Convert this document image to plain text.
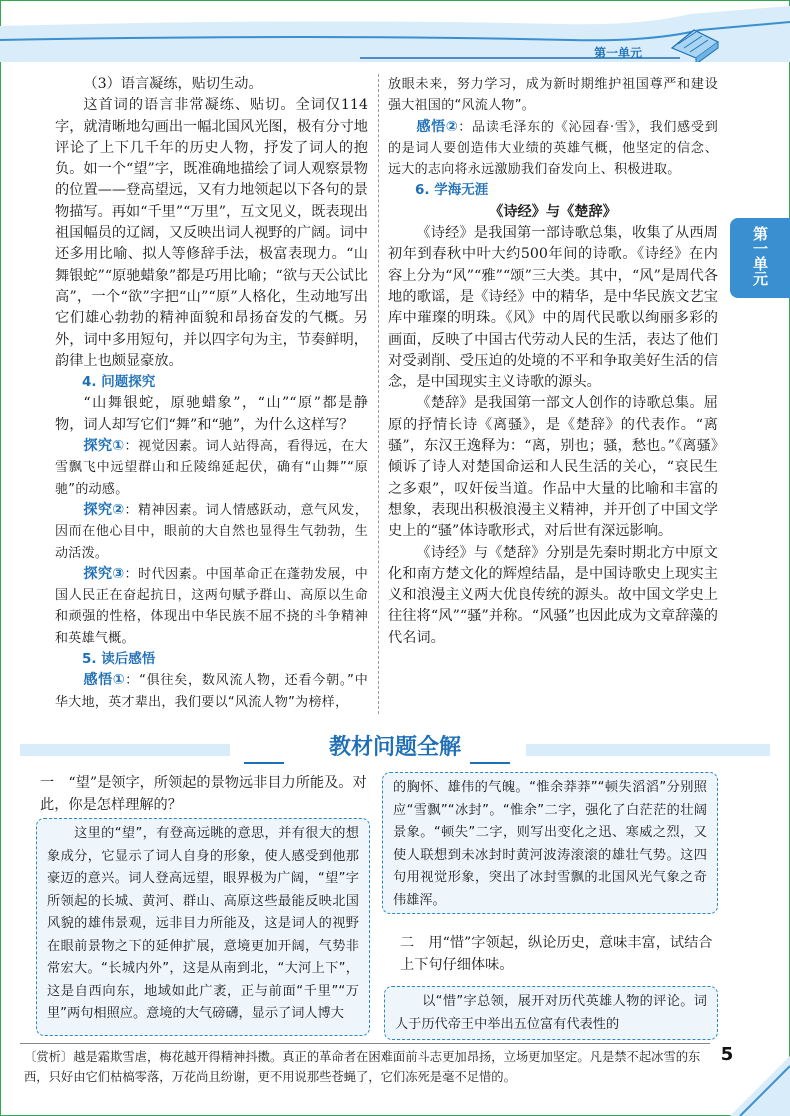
第一单元
第一单元

（3）语言凝练，贴切生动。

这首词的语言非常凝练、贴切。全词仅114字，就清晰地勾画出一幅北国风光图，极有分寸地评论了上下几千年的历史人物，抒发了词人的抱负。如一个“望”字，既准确地描绘了词人观察景物的位置——登高望远，又有力地领起以下各句的景物描写。再如“千里”“万里”，互文见义，既表现出祖国幅员的辽阔，又反映出词人视野的广阔。词中还多用比喻、拟人等修辞手法，极富表现力。“山舞银蛇”“原驰蜡象”都是巧用比喻；“欲与天公试比高”，一个“欲”字把“山”“原”人格化，生动地写出它们雄心勃勃的精神面貌和昂扬奋发的气概。另外，词中多用短句，并以四字句为主，节奏鲜明，韵律上也颇显豪放。

4. 问题探究

“山舞银蛇，原驰蜡象”，“山”“原”都是静物，词人却写它们“舞”和“驰”，为什么这样写？

探究①：视觉因素。词人站得高，看得远，在大雪飘飞中远望群山和丘陵绵延起伏，确有“山舞”“原驰”的动感。

探究②：精神因素。词人情感跃动，意气风发，因而在他心目中，眼前的大自然也显得生气勃勃，生动活泼。

探究③：时代因素。中国革命正在蓬勃发展，中国人民正在奋起抗日，这两句赋予群山、高原以生命和顽强的性格，体现出中华民族不屈不挠的斗争精神和英雄气概。

5. 读后感悟

感悟①：“俱往矣，数风流人物，还看今朝。”中华大地，英才辈出，我们要以“风流人物”为榜样，

放眼未来，努力学习，成为新时期维护祖国尊严和建设强大祖国的“风流人物”。

感悟②：品读毛泽东的《沁园春·雪》，我们感受到的是词人要创造伟大业绩的英雄气概，他坚定的信念、远大的志向将永远激励我们奋发向上、积极进取。

6. 学海无涯
《诗经》与《楚辞》

《诗经》是我国第一部诗歌总集，收集了从西周初年到春秋中叶大约500年间的诗歌。《诗经》在内容上分为“风”“雅”“颂”三大类。其中，“风”是周代各地的歌谣，是《诗经》中的精华，是中华民族文艺宝库中璀璨的明珠。《风》中的周代民歌以绚丽多彩的画面，反映了中国古代劳动人民的生活，表达了他们对受剥削、受压迫的处境的不平和争取美好生活的信念，是中国现实主义诗歌的源头。

《楚辞》是我国第一部文人创作的诗歌总集。屈原的抒情长诗《离骚》，是《楚辞》的代表作。“离骚”，东汉王逸释为：“离，别也；骚，愁也。”《离骚》倾诉了诗人对楚国命运和人民生活的关心，“哀民生之多艰”，叹奸佞当道。作品中大量的比喻和丰富的想象，表现出积极浪漫主义精神，并开创了中国文学史上的“骚”体诗歌形式，对后世有深远影响。

《诗经》与《楚辞》分别是先秦时期北方中原文化和南方楚文化的辉煌结晶，是中国诗歌史上现实主义和浪漫主义两大优良传统的源头。故中国文学史上往往将“风”“骚”并称。“风骚”也因此成为文章辞藻的代名词。

教材问题全解
一　“望”是领字，所领起的景物远非目力所能及。对此，你是怎样理解的？
　　这里的“望”，有登高远眺的意思，并有很大的想象成分，它显示了词人自身的形象，使人感受到他那豪迈的意兴。词人登高远望，眼界极为广阔，“望”字所领起的长城、黄河、群山、高原这些最能反映北国风貌的雄伟景观，远非目力所能及，这是词人的视野在眼前景物之下的延伸扩展，意境更加开阔，气势非常宏大。“长城内外”，这是从南到北，“大河上下”，这是自西向东，地域如此广袤，正与前面“千里”“万里”两句相照应。意境的大气磅礴，显示了词人博大
的胸怀、雄伟的气魄。“惟余莽莽”“顿失滔滔”分别照应“雪飘”“冰封”。“惟余”二字，强化了白茫茫的壮阔景象。“顿失”二字，则写出变化之迅、寒威之烈，又使人联想到未冰封时黄河波涛滚滚的雄壮气势。这四句用视觉形象，突出了冰封雪飘的北国风光气象之奇伟雄浑。
二　用“惜”字领起，纵论历史，意味丰富，试结合上下句仔细体味。
　　以“惜”字总领，展开对历代英雄人物的评论。词人于历代帝王中举出五位富有代表性的
〔赏析〕越是霜欺雪虐，梅花越开得精神抖擞。真正的革命者在困难面前斗志更加昂扬，立场更加坚定。凡是禁不起冰雪的东西，只好由它们枯槁零落，万花尚且纷谢，更不用说那些苍蝇了，它们冻死是毫不足惜的。
5
